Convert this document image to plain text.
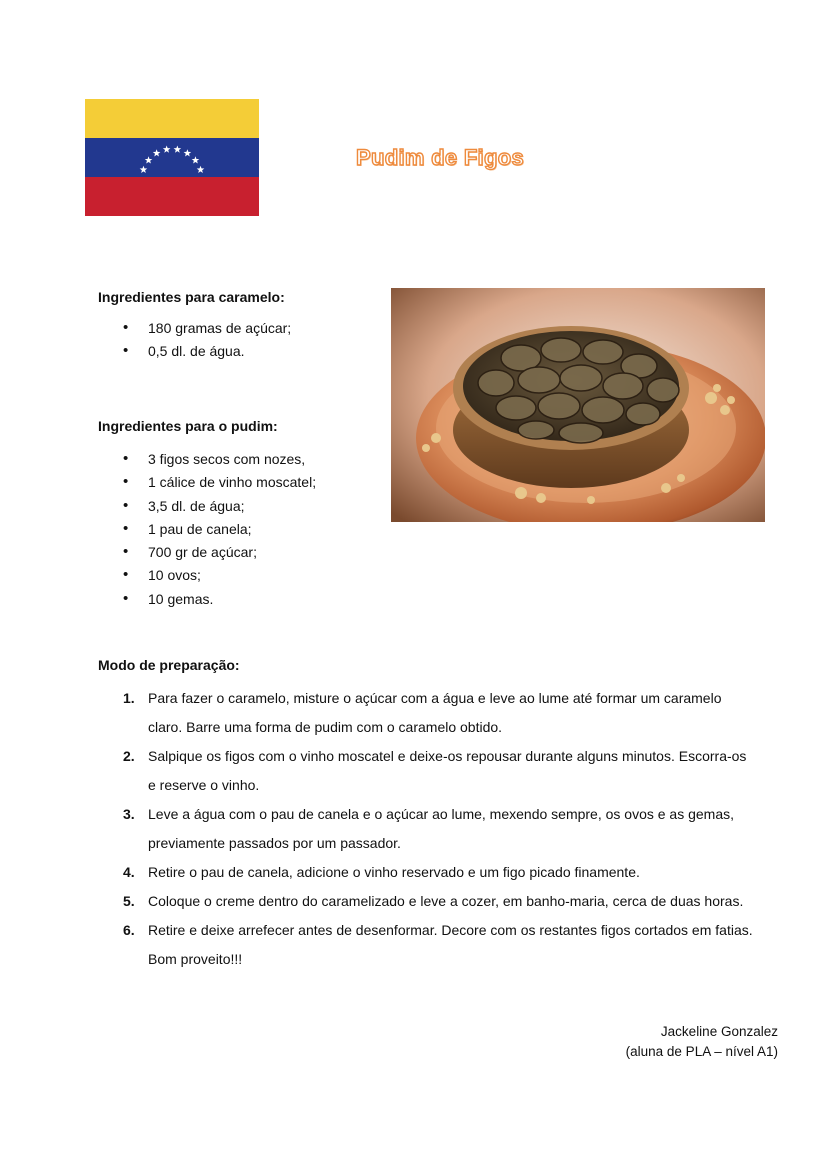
Pudim de Figos
Ingredientes para caramelo:
• 180 gramas de açúcar;
• 0,5 dl. de água.
Ingredientes para o pudim:
• 3 figos secos com nozes,
• 1 cálice de vinho moscatel;
• 3,5 dl. de água;
• 1 pau de canela;
• 700 gr de açúcar;
• 10 ovos;
• 10 gemas.
Modo de preparação:
1. Para fazer o caramelo, misture o açúcar com a água e leve ao lume até formar um caramelo claro. Barre uma forma de pudim com o caramelo obtido.
2. Salpique os figos com o vinho moscatel e deixe-os repousar durante alguns minutos. Escorra-os e reserve o vinho.
3. Leve a água com o pau de canela e o açúcar ao lume, mexendo sempre, os ovos e as gemas, previamente passados por um passador.
4. Retire o pau de canela, adicione o vinho reservado e um figo picado finamente.
5. Coloque o creme dentro do caramelizado e leve a cozer, em banho-maria, cerca de duas horas.
6. Retire e deixe arrefecer antes de desenformar. Decore com os restantes figos cortados em fatias. Bom proveito!!!
Jackeline Gonzalez
(aluna de PLA – nível A1)
